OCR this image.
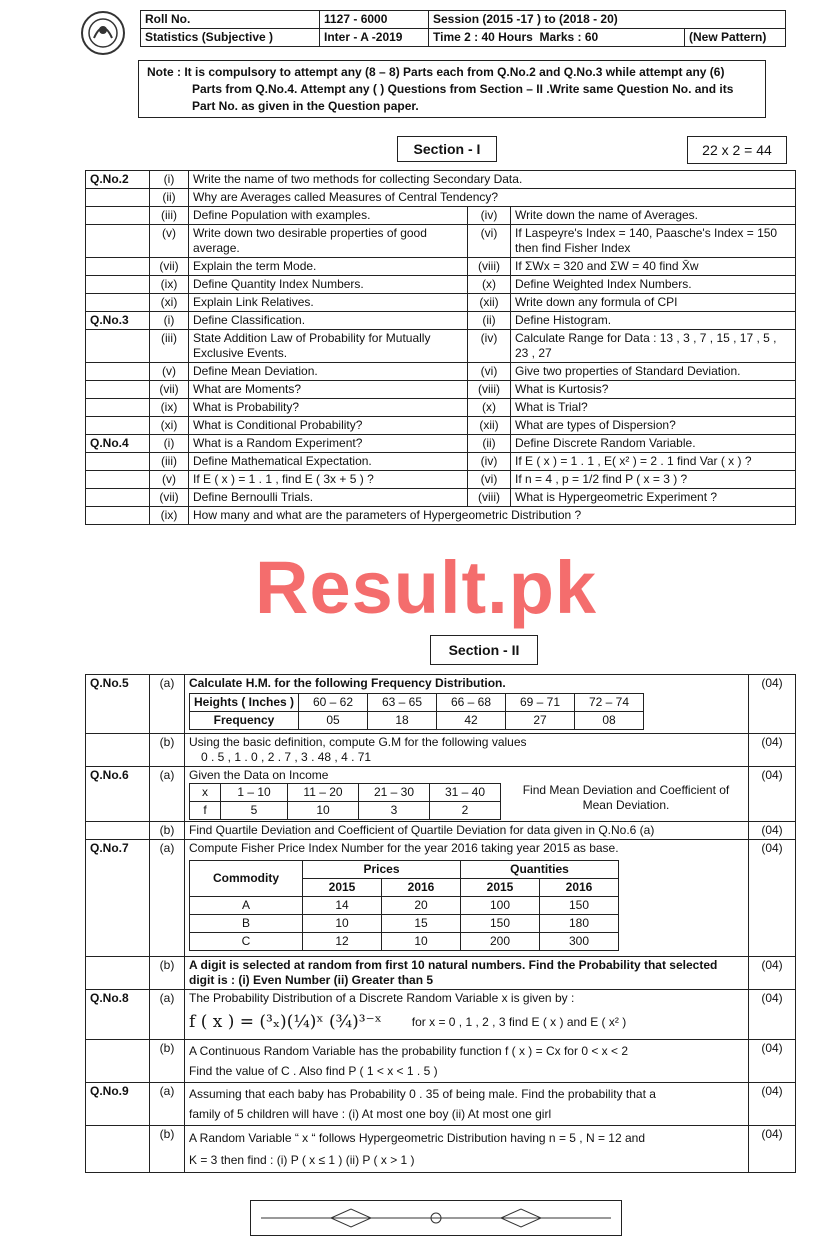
Roll No.	1127 - 6000	Session (2015 -17 ) to (2018 - 20)	
Statistics (Subjective )	Inter - A -2019	Time 2 : 40 Hours Marks : 60	(New Pattern)
Note : It is compulsory to attempt any (8 – 8) Parts each from Q.No.2 and Q.No.3 while attempt any (6)
Parts from Q.No.4. Attempt any ( ) Questions from Section – II .Write same Question No. and its
Part No. as given in the Question paper.
Section - I	22 x 2 = 44
Q.No.2	(i)	Write the name of two methods for collecting Secondary Data.		
	(ii)	Why are Averages called Measures of Central Tendency?		
	(iii)	Define Population with examples.	(iv)	Write down the name of Averages.
	(v)	Write down two desirable properties of good average.	(vi)	If Laspeyre's Index = 140, Paasche's Index = 150 then find Fisher Index
	(vii)	Explain the term Mode.	(viii)	If ΣWx = 320 and ΣW = 40 find X̄w
	(ix)	Define Quantity Index Numbers.	(x)	Define Weighted Index Numbers.
	(xi)	Explain Link Relatives.	(xii)	Write down any formula of CPI
Q.No.3	(i)	Define Classification.	(ii)	Define Histogram.
	(iii)	State Addition Law of Probability for Mutually Exclusive Events.	(iv)	Calculate Range for Data : 13 , 3 , 7 , 15 , 17 , 5 , 23 , 27
	(v)	Define Mean Deviation.	(vi)	Give two properties of Standard Deviation.
	(vii)	What are Moments?	(viii)	What is Kurtosis?
	(ix)	What is Probability?	(x)	What is Trial?
	(xi)	What is Conditional Probability?	(xii)	What are types of Dispersion?
Q.No.4	(i)	What is a Random Experiment?	(ii)	Define Discrete Random Variable.
	(iii)	Define Mathematical Expectation.	(iv)	If E ( x ) = 1 . 1 , E( x² ) = 2 . 1 find Var ( x ) ?
	(v)	If E ( x ) = 1 . 1 , find E ( 3x + 5 ) ?	(vi)	If n = 4 , p = 1/2 find P ( x = 3 ) ?
	(vii)	Define Bernoulli Trials.	(viii)	What is Hypergeometric Experiment ?
	(ix)	How many and what are the parameters of Hypergeometric Distribution ?		
Result.pk
Section - II
Q.No.5	(a)	Calculate H.M. for the following Frequency Distribution.
Heights ( Inches )	60 – 62	63 – 65	66 – 68	69 – 71	72 – 74
Frequency	05	18	42	27	08
	(04)
	(b)	Using the basic definition, compute G.M for the following values
0 . 5 , 1 . 0 , 2 . 7 , 3 . 48 , 4 . 71
	(04)
Q.No.6	(a)	Given the Data on Income
x	1 – 10	11 – 20	21 – 30	31 – 40
f	5	10	3	2
Find Mean Deviation and Coefficient of Mean Deviation.
	(04)
	(b)	Find Quartile Deviation and Coefficient of Quartile Deviation for data given in Q.No.6 (a)	(04)
Q.No.7	(a)	Compute Fisher Price Index Number for the year 2016 taking year 2015 as base.
Commodity	Prices	Quantities
2015	2016	2015	2016
A	14	20	100	150
B	10	15	150	180
C	12	10	200	300
	(04)
	(b)	A digit is selected at random from first 10 natural numbers. Find the Probability that selected digit is : (i) Even Number (ii) Greater than 5	(04)
Q.No.8	(a)	The Probability Distribution of a Discrete Random Variable x is given by :
f ( x ) = (³ₓ)(¼)ˣ (¾)³⁻ˣ	for x = 0 , 1 , 2 , 3 find E ( x ) and E ( x² )
	(04)
	(b)	A Continuous Random Variable has the probability function f ( x ) = Cx for 0 < x < 2
Find the value of C . Also find P ( 1 < x < 1 . 5 )
	(04)
Q.No.9	(a)	Assuming that each baby has Probability 0 . 35 of being male. Find the probability that a
family of 5 children will have : (i) At most one boy (ii) At most one girl
	(04)
	(b)	A Random Variable “ x “ follows Hypergeometric Distribution having n = 5 , N = 12 and
K = 3 then find : (i) P ( x ≤ 1 ) (ii) P ( x > 1 )
	(04)
